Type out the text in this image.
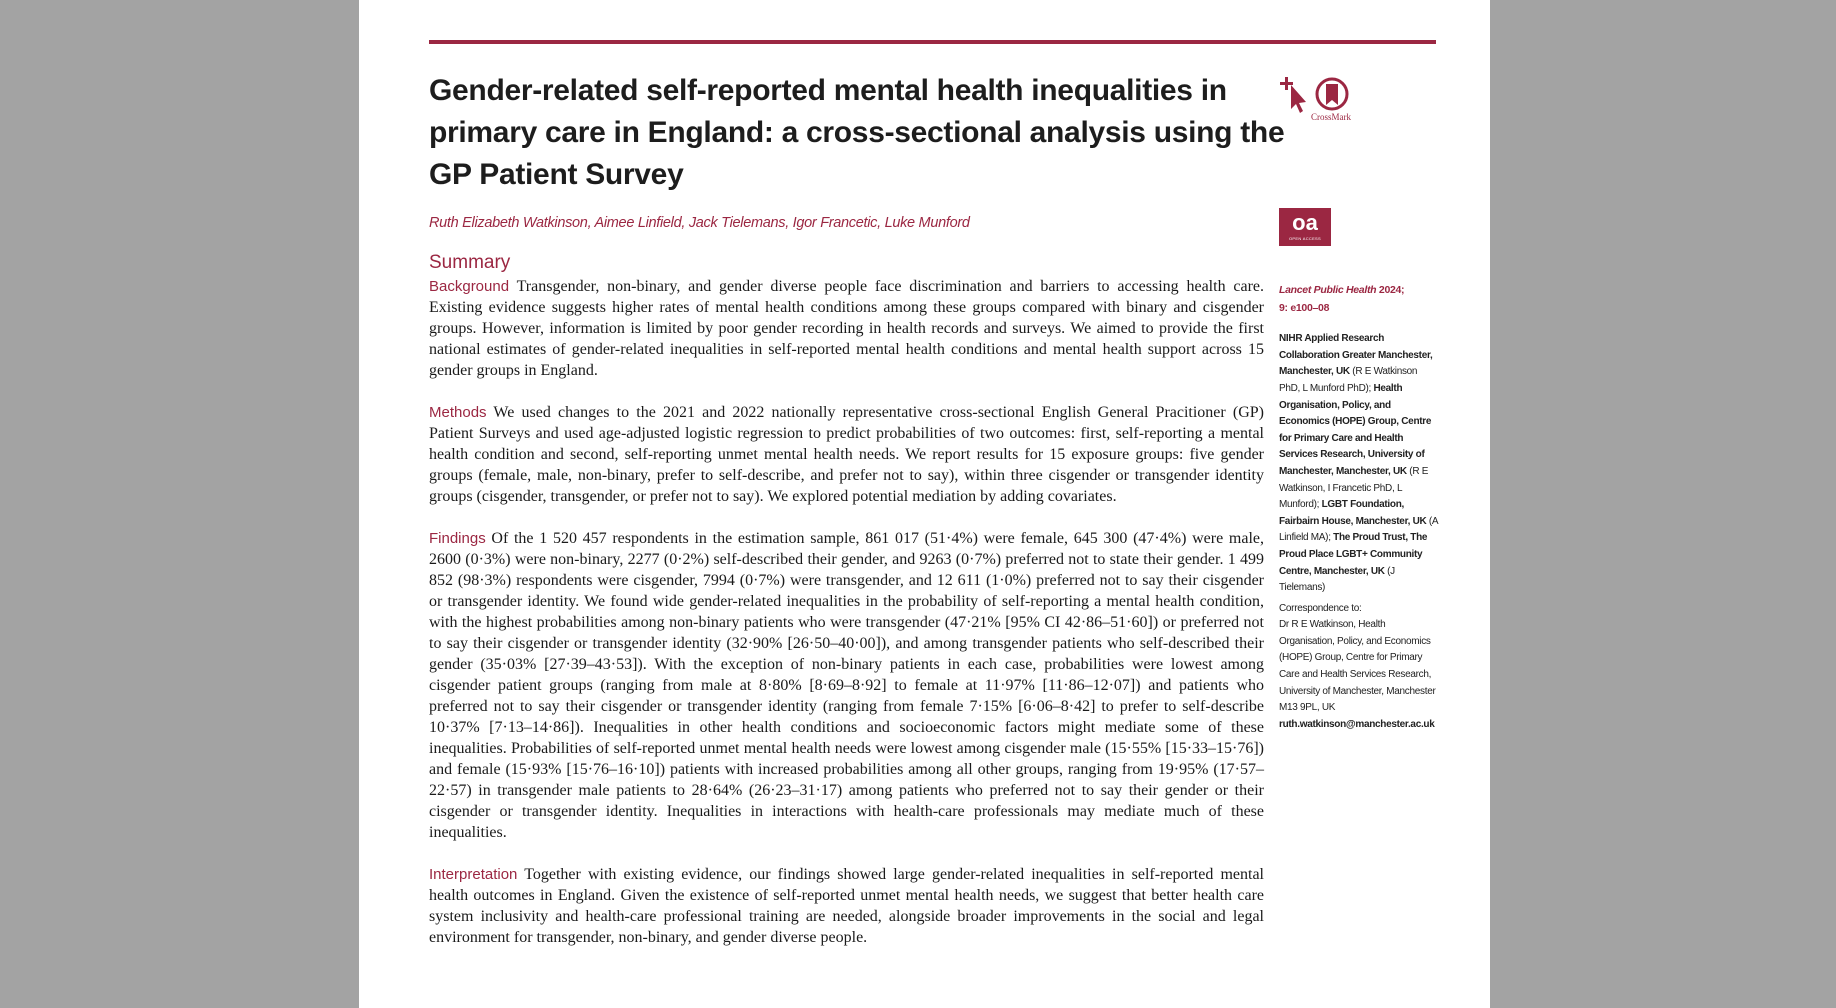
Gender-related self-reported mental health inequalities in primary care in England: a cross-sectional analysis using the GP Patient Survey
Ruth Elizabeth Watkinson, Aimee Linfield, Jack Tielemans, Igor Francetic, Luke Munford
CrossMark
oa
OPEN ACCESS
Summary

Background Transgender, non-binary, and gender diverse people face discrimination and barriers to accessing health care. Existing evidence suggests higher rates of mental health conditions among these groups compared with binary and cisgender groups. However, information is limited by poor gender recording in health records and surveys. We aimed to provide the first national estimates of gender-related inequalities in self-reported mental health conditions and mental health support across 15 gender groups in England.

Methods We used changes to the 2021 and 2022 nationally representative cross-sectional English General Pracitioner (GP) Patient Surveys and used age-adjusted logistic regression to predict probabilities of two outcomes: first, self-reporting a mental health condition and second, self-reporting unmet mental health needs. We report results for 15 exposure groups: five gender groups (female, male, non-binary, prefer to self-describe, and prefer not to say), within three cisgender or transgender identity groups (cisgender, transgender, or prefer not to say). We explored potential mediation by adding covariates.

Findings Of the 1 520 457 respondents in the estimation sample, 861 017 (51·4%) were female, 645 300 (47·4%) were male, 2600 (0·3%) were non-binary, 2277 (0·2%) self-described their gender, and 9263 (0·7%) preferred not to state their gender. 1 499 852 (98·3%) respondents were cisgender, 7994 (0·7%) were transgender, and 12 611 (1·0%) preferred not to say their cisgender or transgender identity. We found wide gender-related inequalities in the probability of self-reporting a mental health condition, with the highest probabilities among non-binary patients who were transgender (47·21% [95% CI 42·86–51·60]) or preferred not to say their cisgender or transgender identity (32·90% [26·50–40·00]), and among transgender patients who self-described their gender (35·03% [27·39–43·53]). With the exception of non-binary patients in each case, probabilities were lowest among cisgender patient groups (ranging from male at 8·80% [8·69–8·92] to female at 11·97% [11·86–12·07]) and patients who preferred not to say their cisgender or transgender identity (ranging from female 7·15% [6·06–8·42] to prefer to self-describe 10·37% [7·13–14·86]). Inequalities in other health conditions and socioeconomic factors might mediate some of these inequalities. Probabilities of self-reported unmet mental health needs were lowest among cisgender male (15·55% [15·33–15·76]) and female (15·93% [15·76–16·10]) patients with increased probabilities among all other groups, ranging from 19·95% (17·57–22·57) in transgender male patients to 28·64% (26·23–31·17) among patients who preferred not to say their gender or their cisgender or transgender identity. Inequalities in interactions with health-care professionals may mediate much of these inequalities.

Interpretation Together with existing evidence, our findings showed large gender-related inequalities in self-reported mental health outcomes in England. Given the existence of self-reported unmet mental health needs, we suggest that better health care system inclusivity and health-care professional training are needed, alongside broader improvements in the social and legal environment for transgender, non-binary, and gender diverse people.

Lancet Public Health 2024;
9: e100–08

NIHR Applied Research Collaboration Greater Manchester, Manchester, UK (R E Watkinson PhD, L Munford PhD); Health Organisation, Policy, and Economics (HOPE) Group, Centre for Primary Care and Health Services Research, University of Manchester, Manchester, UK (R E Watkinson, I Francetic PhD, L Munford); LGBT Foundation, Fairbairn House, Manchester, UK (A Linfield MA); The Proud Trust, The Proud Place LGBT+ Community Centre, Manchester, UK (J Tielemans)

Correspondence to:
Dr R E Watkinson, Health Organisation, Policy, and Economics (HOPE) Group, Centre for Primary Care and Health Services Research, University of Manchester, Manchester M13 9PL, UK
ruth.watkinson@manchester.ac.uk
